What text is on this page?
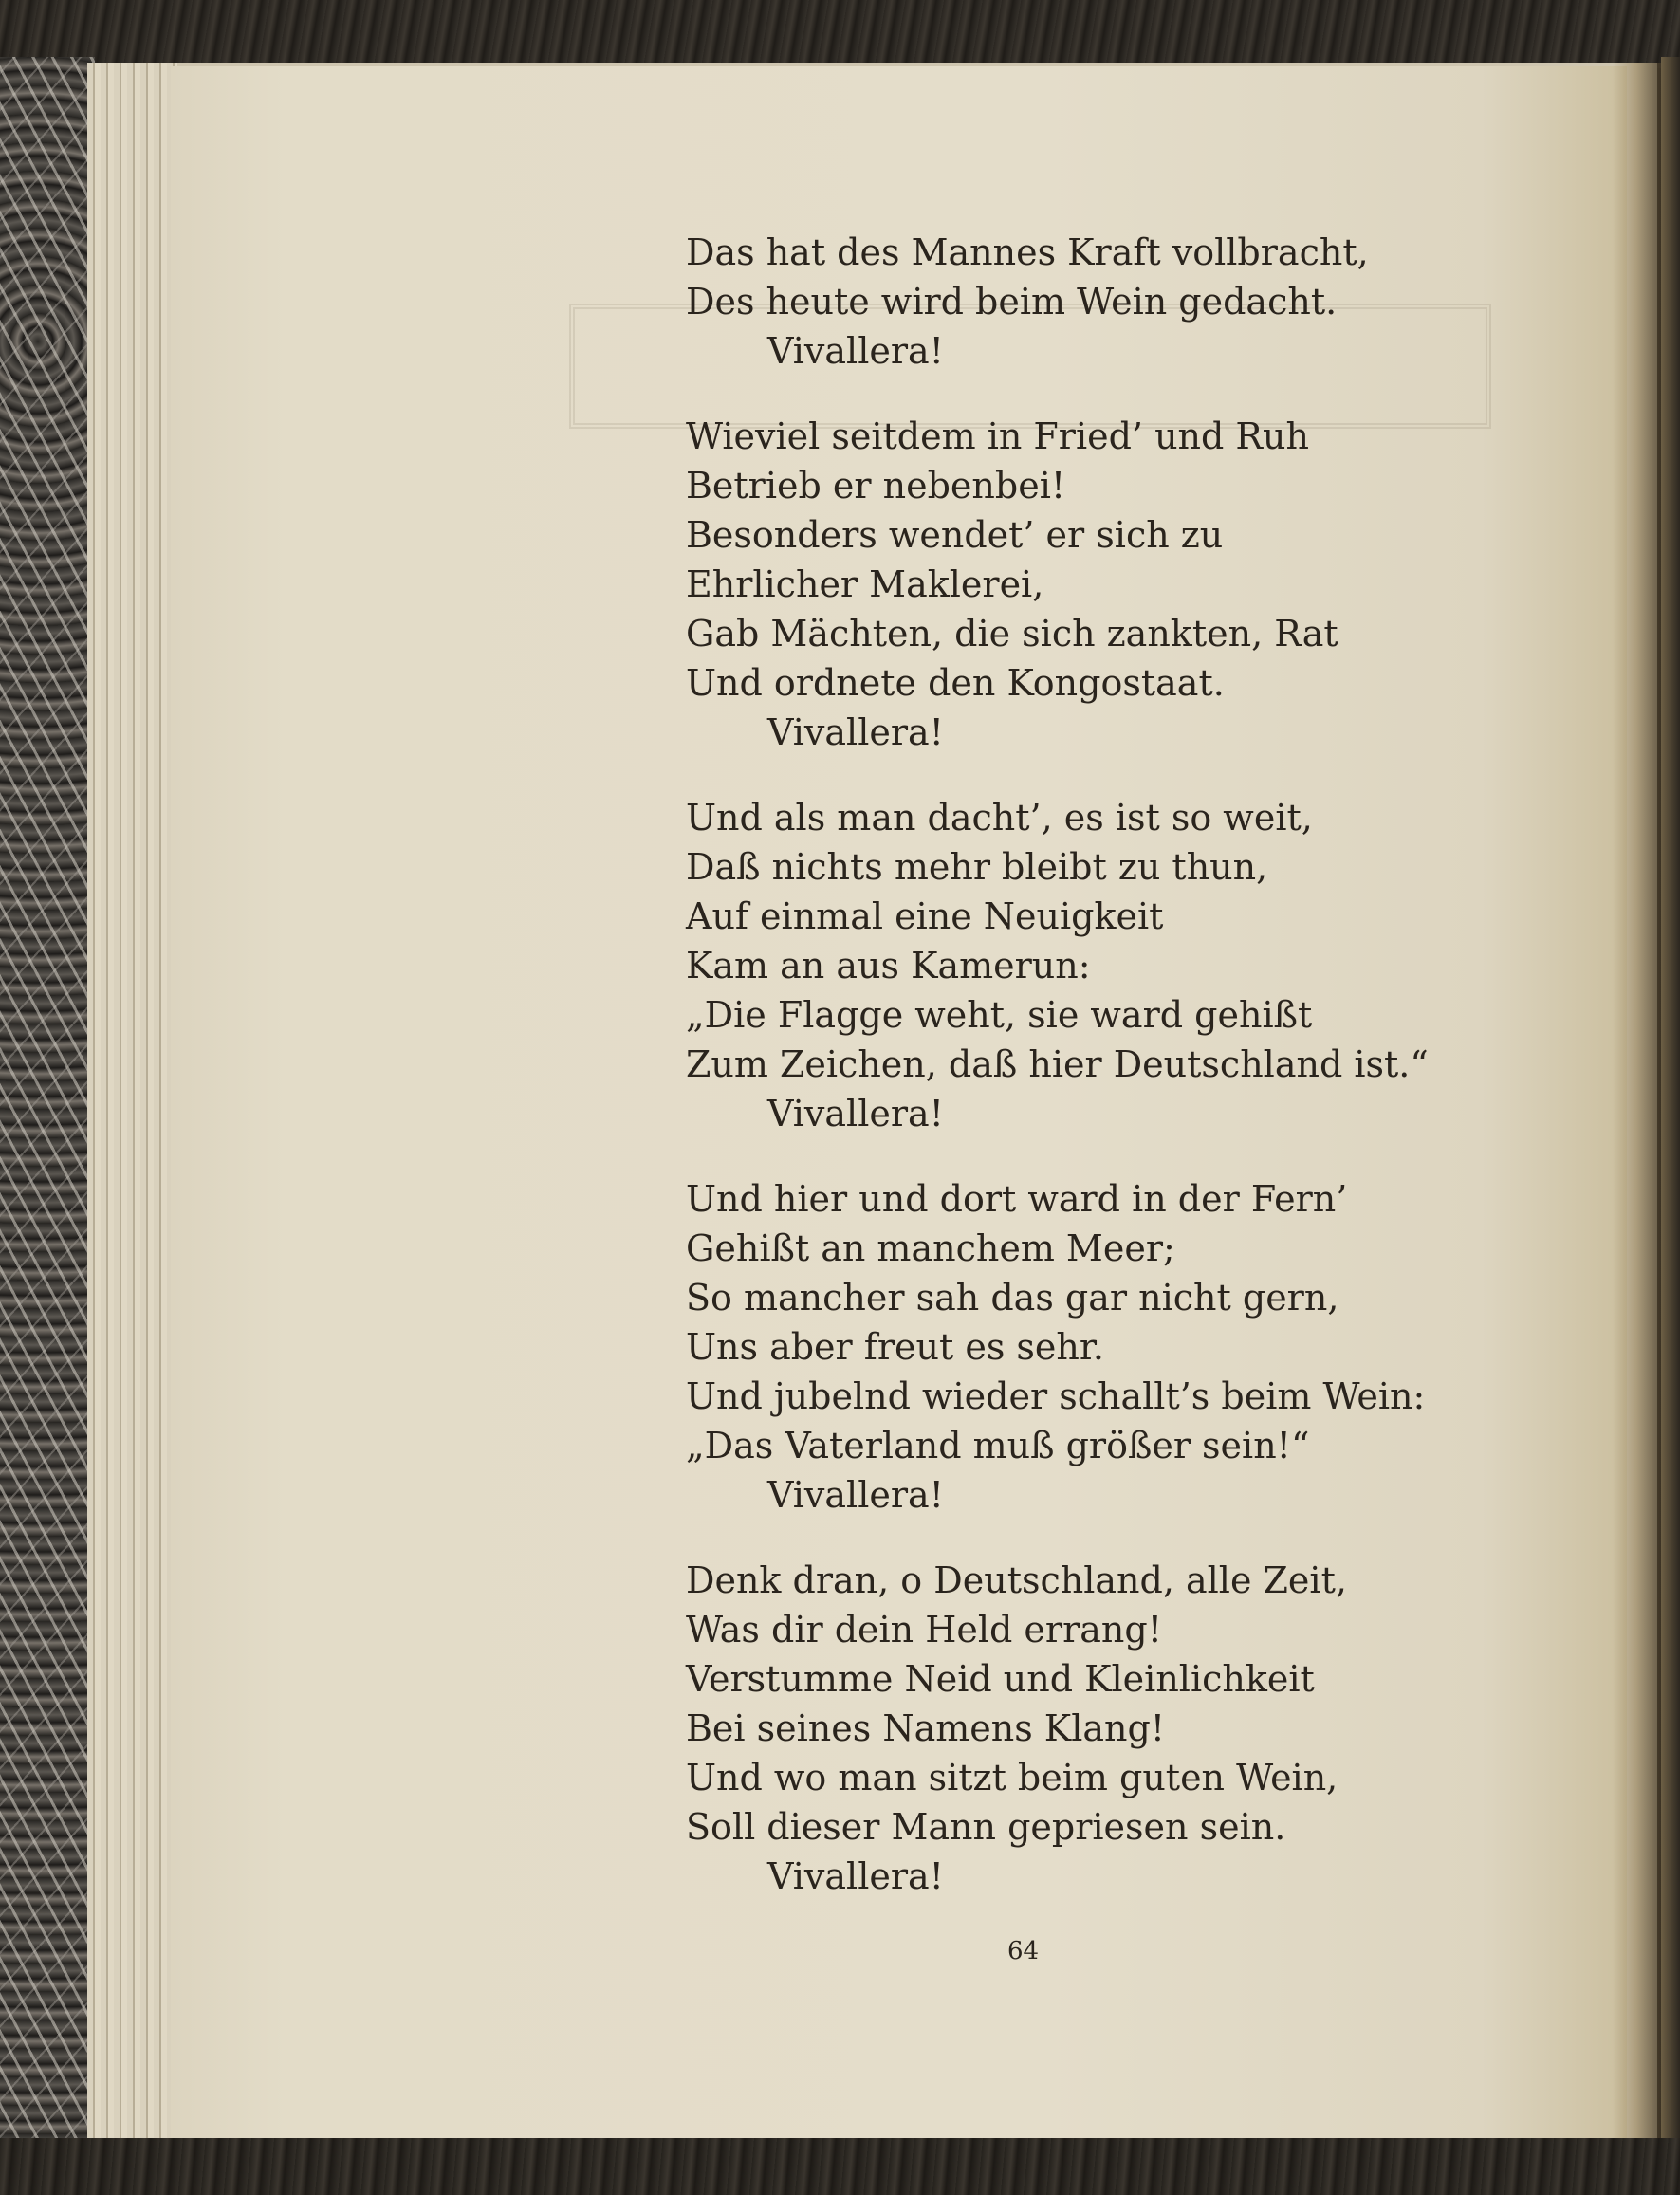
Das hat des Mannes Kraft vollbracht,
Des heute wird beim Wein gedacht.
Vivallera!
Wieviel seitdem in Fried’ und Ruh
Betrieb er nebenbei!
Besonders wendet’ er sich zu
Ehrlicher Maklerei,
Gab Mächten, die sich zankten, Rat
Und ordnete den Kongostaat.
Vivallera!
Und als man dacht’, es ist so weit,
Daß nichts mehr bleibt zu thun,
Auf einmal eine Neuigkeit
Kam an aus Kamerun:
„Die Flagge weht, sie ward gehißt
Zum Zeichen, daß hier Deutschland ist.“
Vivallera!
Und hier und dort ward in der Fern’
Gehißt an manchem Meer;
So mancher sah das gar nicht gern,
Uns aber freut es sehr.
Und jubelnd wieder schallt’s beim Wein:
„Das Vaterland muß größer sein!“
Vivallera!
Denk dran, o Deutschland, alle Zeit,
Was dir dein Held errang!
Verstumme Neid und Kleinlichkeit
Bei seines Namens Klang!
Und wo man sitzt beim guten Wein,
Soll dieser Mann gepriesen sein.
Vivallera!
64
